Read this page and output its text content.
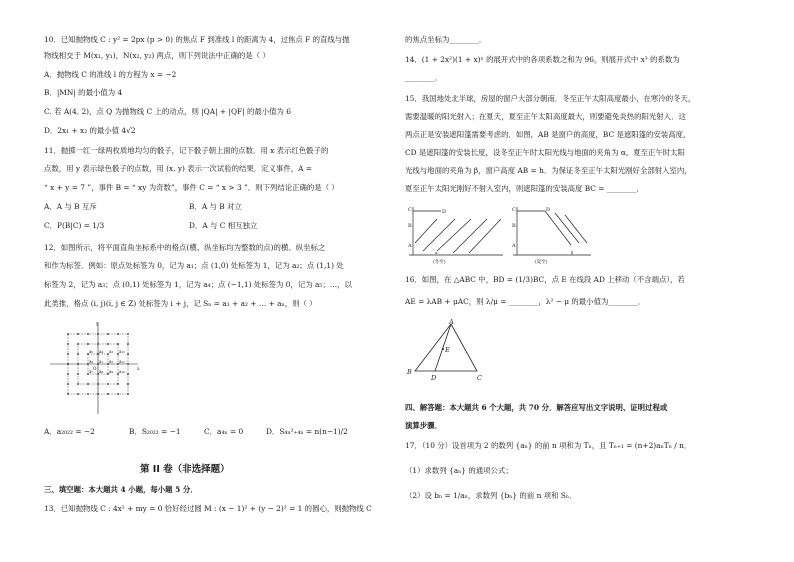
10．已知抛物线 C : y² = 2px (p > 0) 的焦点 F 到准线 l 的距离为 4，过焦点 F 的直线与抛
物线相交于 M(x₁, y₁)，N(x₂, y₂) 两点，则下列说法中正确的是（ ）
A．抛物线 C 的准线 l 的方程为 x = −2
B．|MN| 的最小值为 4
C. 若 A(4, 2)，点 Q 为抛物线 C 上的动点，则 |QA| + |QF| 的最小值为 6
D．2x₁ + x₂ 的最小值 4√2
11．抛掷一红一绿两枚质地均匀的骰子，记下骰子朝上面的点数．用 x 表示红色骰子的
点数，用 y 表示绿色骰子的点数，用 (x, y) 表示一次试验的结果．定义事件，A =
“ x + y = 7 ”，事件 B = “ xy 为奇数”，事件 C = “ x > 3 ”．则下列结论正确的是（ ）
A．A 与 B 互斥	B．A 与 B 对立
C．P(B|C) = 1/3	D．A 与 C 相互独立
12．如图所示，将平面直角坐标系中的格点(横、纵坐标均为整数的点)的横、纵坐标之
和作为标签．例如：原点处标签为 0，记为 a₁；点 (1,0) 处标签为 1，记为 a₂；点 (1,1) 处
标签为 2，记为 a₃；点 (0,1) 处标签为 1，记为 a₄；点 (−1,1) 处标签为 0，记为 a₅；…，以
此类推，格点 (i, j)(i, j ∈ Z) 处标签为 i + j，记 Sₙ = a₁ + a₂ + … + aₙ，则（ ）
y
x
O
a₁ a₂
a₃
a₄
a₅
a₆
a₇ a₈ a₉ a₁₀
a₁₁
a₁₂
A．a₂₀₂₂ = −2	B．S₂₀₂₂ = −1	C．a₄ₙ = 0	D．S₄ₙ²₊₄ₙ = n(n−1)/2
第 II 卷（非选择题）
三、填空题：本大题共 4 小题，每小题 5 分．
13．已知抛物线 C : 4x² + my = 0 恰好经过圆 M : (x − 1)² + (y − 2)² = 1 的圆心，则抛物线 C
的焦点坐标为________．
14．(1 + 2x²)(1 + x)ⁿ 的展开式中的各项系数之和为 96，则展开式中 x³ 的系数为
________．
15．我国地处北半球，房屋的窗户大部分朝南．冬至正午太阳高度最小，在寒冷的冬天，
需要温暖的阳光射入；在夏天，夏至正午太阳高度最大，则要避免炎热的阳光射入．这
两点正是安装遮阳篷需要考虑的．如图，AB 是窗户的高度，BC 是遮阳篷的安装高度，
CD 是遮阳篷的安装长度，设冬至正午时太阳光线与地面的夹角为 α，夏至正午时太阳
光线与地面的夹角为 β，窗户高度 AB = h．为保证冬至正午太阳光刚好全部射入室内，
夏至正午太阳光刚好不射入室内，则遮阳篷的安装高度 BC = ________．
C	D
B
A
α
(冬至)
C	D
B
A
β
(夏至)
16．如图，在 △ABC 中，BD = (1/3)BC，点 E 在线段 AD 上移动（不含端点），若
AE = λAB + μAC，则 λ/μ = ________，λ² − μ 的最小值为________．
A
B
D	C
E
四、解答题：本大题共 6 个大题，共 70 分．解答应写出文字说明、证明过程或
演算步骤．
17．（10 分）设首项为 2 的数列 {aₙ} 的前 n 项和为 Tₙ，且 Tₙ₊₁ = (n+2)aₙTₙ / n．
（1）求数列 {aₙ} 的通项公式；
（2）设 bₙ = 1/aₙ，求数列 {bₙ} 的前 n 项和 Sₙ．
